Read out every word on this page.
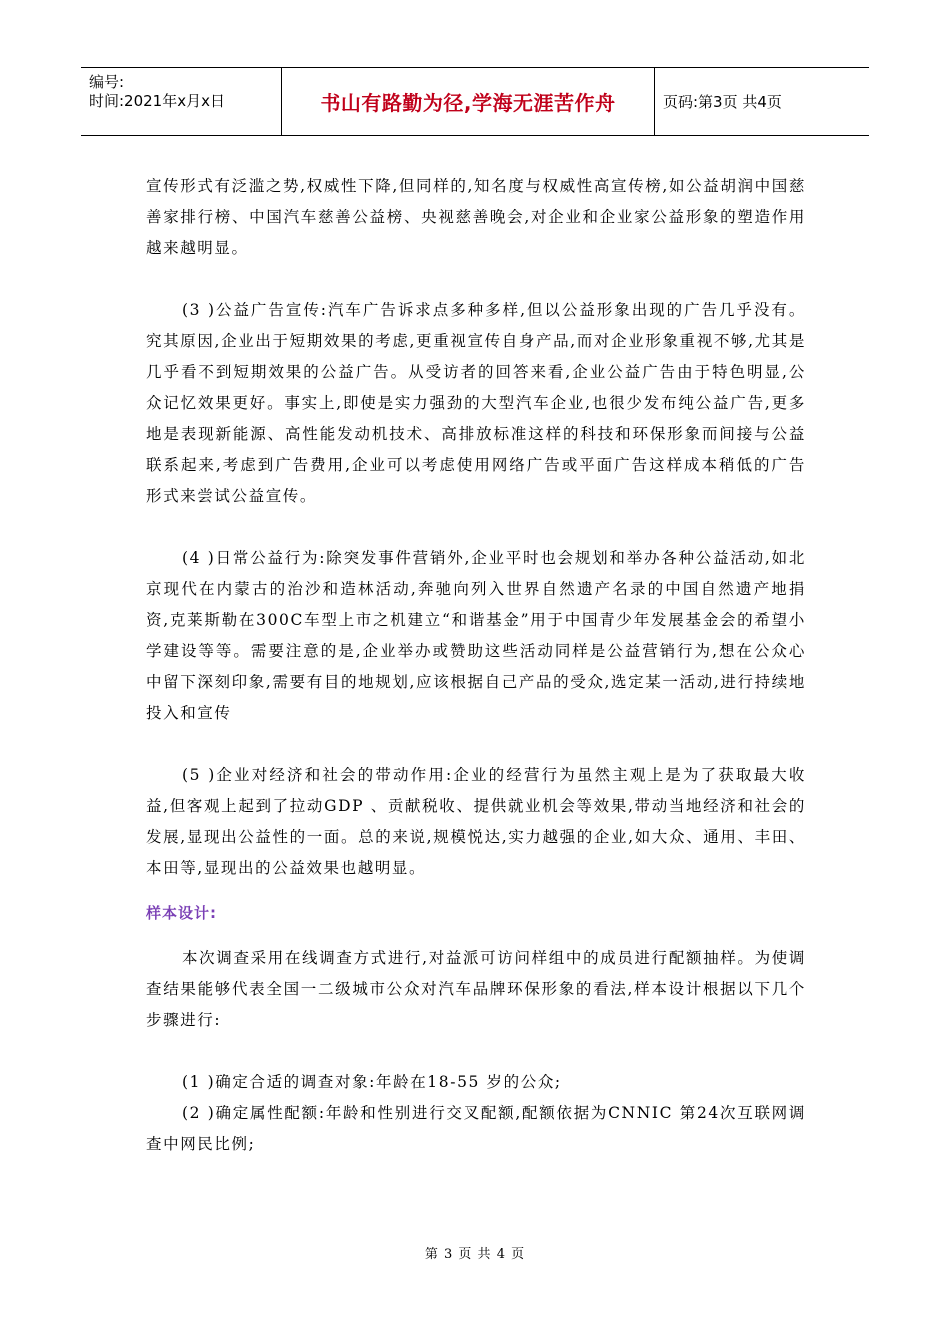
编号:
时间:2021年x月x日	书山有路勤为径,学海无涯苦作舟	页码:第3页 共4页

宣传形式有泛滥之势,权威性下降,但同样的,知名度与权威性高宣传榜,如公益胡润中国慈善家排行榜、中国汽车慈善公益榜、央视慈善晚会,对企业和企业家公益形象的塑造作用越来越明显。

(3 )公益广告宣传:汽车广告诉求点多种多样,但以公益形象出现的广告几乎没有。究其原因,企业出于短期效果的考虑,更重视宣传自身产品,而对企业形象重视不够,尤其是几乎看不到短期效果的公益广告。从受访者的回答来看,企业公益广告由于特色明显,公众记忆效果更好。事实上,即使是实力强劲的大型汽车企业,也很少发布纯公益广告,更多地是表现新能源、高性能发动机技术、高排放标准这样的科技和环保形象而间接与公益联系起来,考虑到广告费用,企业可以考虑使用网络广告或平面广告这样成本稍低的广告形式来尝试公益宣传。

(4 )日常公益行为:除突发事件营销外,企业平时也会规划和举办各种公益活动,如北京现代在内蒙古的治沙和造林活动,奔驰向列入世界自然遗产名录的中国自然遗产地捐资,克莱斯勒在300C车型上市之机建立“和谐基金”用于中国青少年发展基金会的希望小学建设等等。需要注意的是,企业举办或赞助这些活动同样是公益营销行为,想在公众心中留下深刻印象,需要有目的地规划,应该根据自己产品的受众,选定某一活动,进行持续地投入和宣传

(5 )企业对经济和社会的带动作用:企业的经营行为虽然主观上是为了获取最大收益,但客观上起到了拉动GDP 、贡献税收、提供就业机会等效果,带动当地经济和社会的发展,显现出公益性的一面。总的来说,规模悦达,实力越强的企业,如大众、通用、丰田、本田等,显现出的公益效果也越明显。

样本设计:

本次调查采用在线调查方式进行,对益派可访问样组中的成员进行配额抽样。为使调查结果能够代表全国一二级城市公众对汽车品牌环保形象的看法,样本设计根据以下几个步骤进行:

(1 )确定合适的调查对象:年龄在18-55 岁的公众;

(2 )确定属性配额:年龄和性别进行交叉配额,配额依据为CNNIC 第24次互联网调查中网民比例;

第 3 页 共 4 页
